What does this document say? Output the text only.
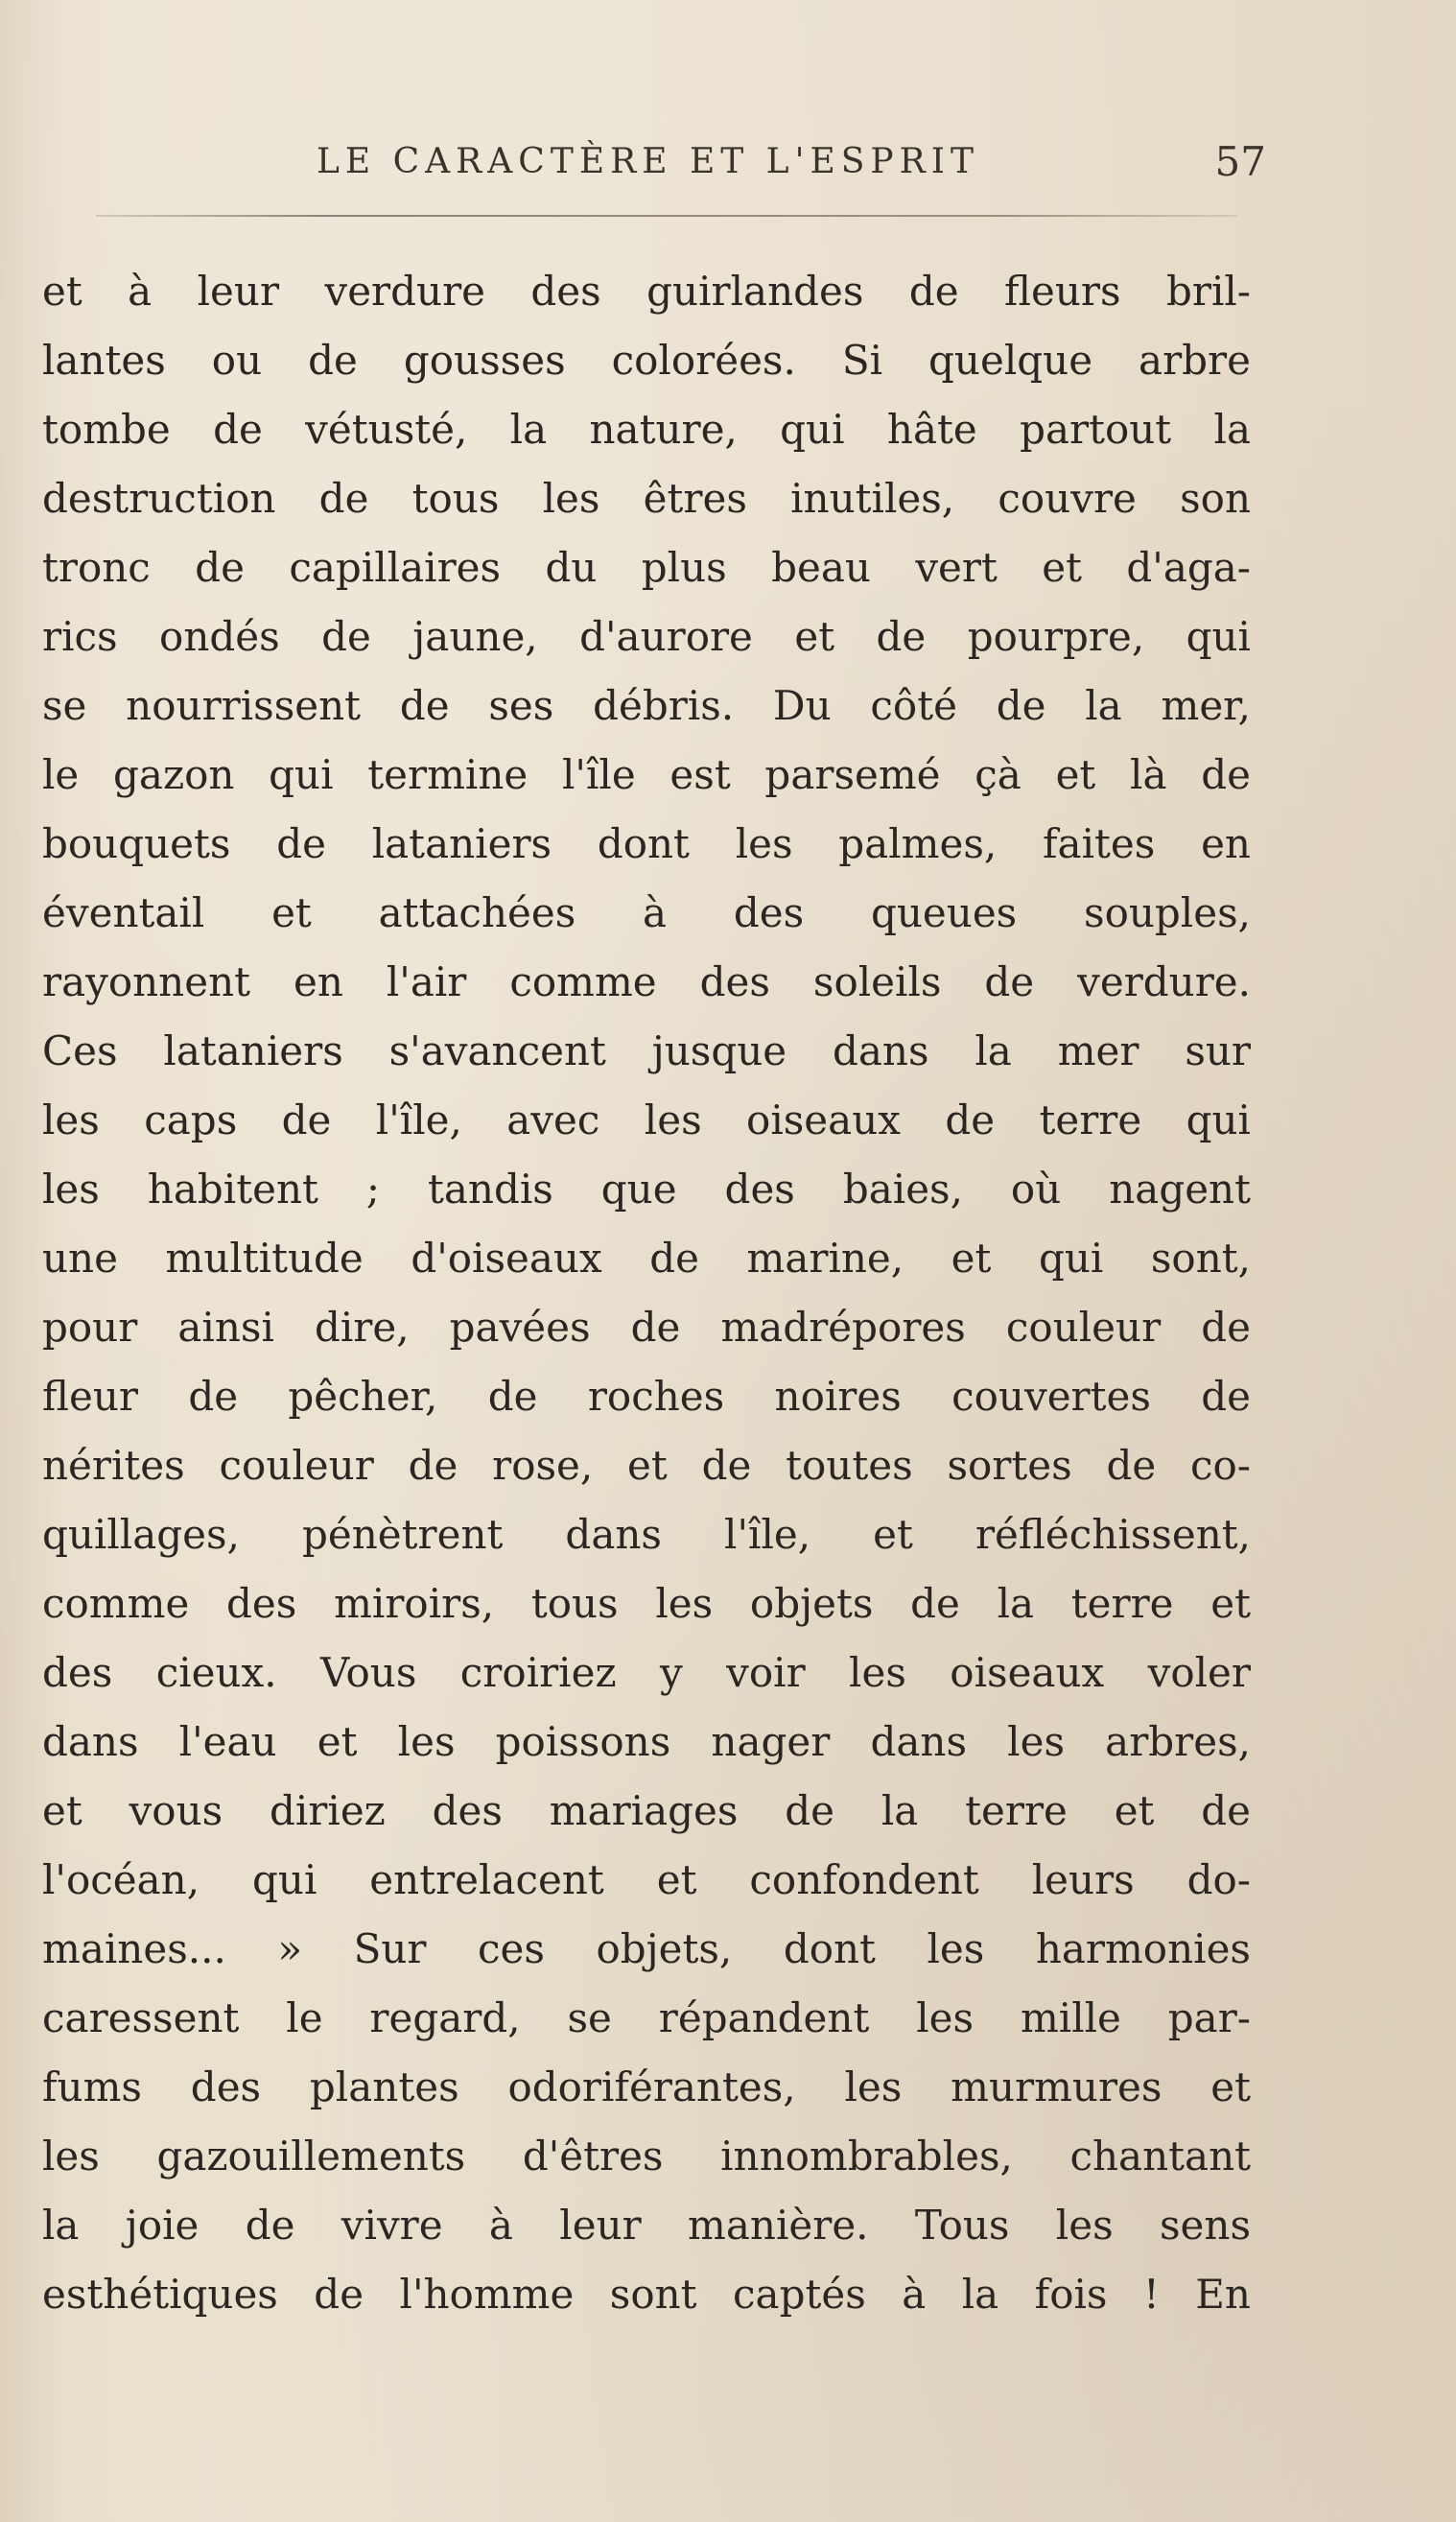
LE CARACTÈRE ET L'ESPRIT	57
et à leur verdure des guirlandes de fleurs bril-
lantes ou de gousses colorées. Si quelque arbre
tombe de vétusté, la nature, qui hâte partout la
destruction de tous les êtres inutiles, couvre son
tronc de capillaires du plus beau vert et d'aga-
rics ondés de jaune, d'aurore et de pourpre, qui
se nourrissent de ses débris. Du côté de la mer,
le gazon qui termine l'île est parsemé çà et là de
bouquets de lataniers dont les palmes, faites en
éventail et attachées à des queues souples,
rayonnent en l'air comme des soleils de verdure.
Ces lataniers s'avancent jusque dans la mer sur
les caps de l'île, avec les oiseaux de terre qui
les habitent ; tandis que des baies, où nagent
une multitude d'oiseaux de marine, et qui sont,
pour ainsi dire, pavées de madrépores couleur de
fleur de pêcher, de roches noires couvertes de
nérites couleur de rose, et de toutes sortes de co-
quillages, pénètrent dans l'île, et réfléchissent,
comme des miroirs, tous les objets de la terre et
des cieux. Vous croiriez y voir les oiseaux voler
dans l'eau et les poissons nager dans les arbres,
et vous diriez des mariages de la terre et de
l'océan, qui entrelacent et confondent leurs do-
maines... » Sur ces objets, dont les harmonies
caressent le regard, se répandent les mille par-
fums des plantes odoriférantes, les murmures et
les gazouillements d'êtres innombrables, chantant
la joie de vivre à leur manière. Tous les sens
esthétiques de l'homme sont captés à la fois ! En
